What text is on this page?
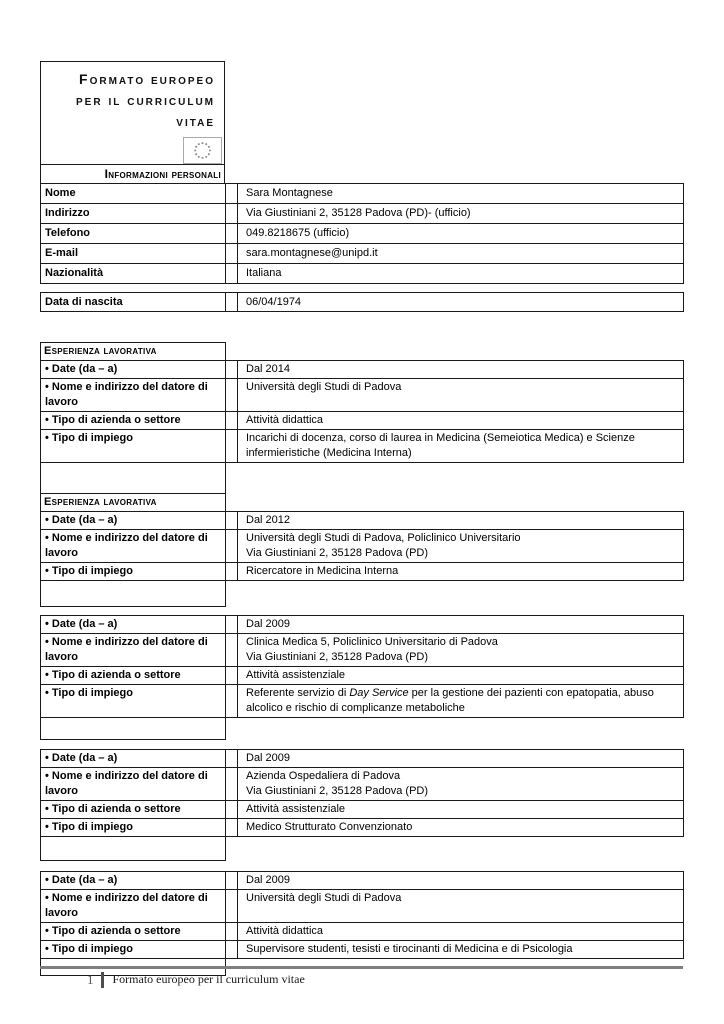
Formato europeo
per il curriculum
vitae
Informazioni personali
Nome		Sara Montagnese
Indirizzo		Via Giustiniani 2, 35128 Padova (PD)- (ufficio)
Telefono		049.8218675 (ufficio)
E-mail		sara.montagnese@unipd.it
Nazionalità		Italiana
Data di nascita		06/04/1974
Esperienza lavorativa		
• Date (da – a)		Dal 2014
• Nome e indirizzo del datore di lavoro		Università degli Studi di Padova

• Tipo di azienda o settore		Attività didattica
• Tipo di impiego		Incarichi di docenza, corso di laurea in Medicina (Semeiotica Medica) e Scienze infermieristiche (Medicina Interna)

Esperienza lavorativa		
• Date (da – a)		Dal 2012
• Nome e indirizzo del datore di lavoro		Università degli Studi di Padova, Policlinico Universitario
Via Giustiniani 2, 35128 Padova (PD)

• Tipo di impiego		Ricercatore in Medicina Interna

• Date (da – a)		Dal 2009
• Nome e indirizzo del datore di lavoro		Clinica Medica 5, Policlinico Universitario di Padova
Via Giustiniani 2, 35128 Padova (PD)

• Tipo di azienda o settore		Attività assistenziale
• Tipo di impiego		Referente servizio di Day Service per la gestione dei pazienti con epatopatia, abuso alcolico e rischio di complicanze metaboliche

• Date (da – a)		Dal 2009
• Nome e indirizzo del datore di lavoro		Azienda Ospedaliera di Padova
Via Giustiniani 2, 35128 Padova (PD)

• Tipo di azienda o settore		Attività assistenziale
• Tipo di impiego		Medico Strutturato Convenzionato

• Date (da – a)		Dal 2009
• Nome e indirizzo del datore di lavoro		Università degli Studi di Padova

• Tipo di azienda o settore		Attività didattica
• Tipo di impiego		Supervisore studenti, tesisti e tirocinanti di Medicina e di Psicologia

1 Formato europeo per il curriculum vitae
